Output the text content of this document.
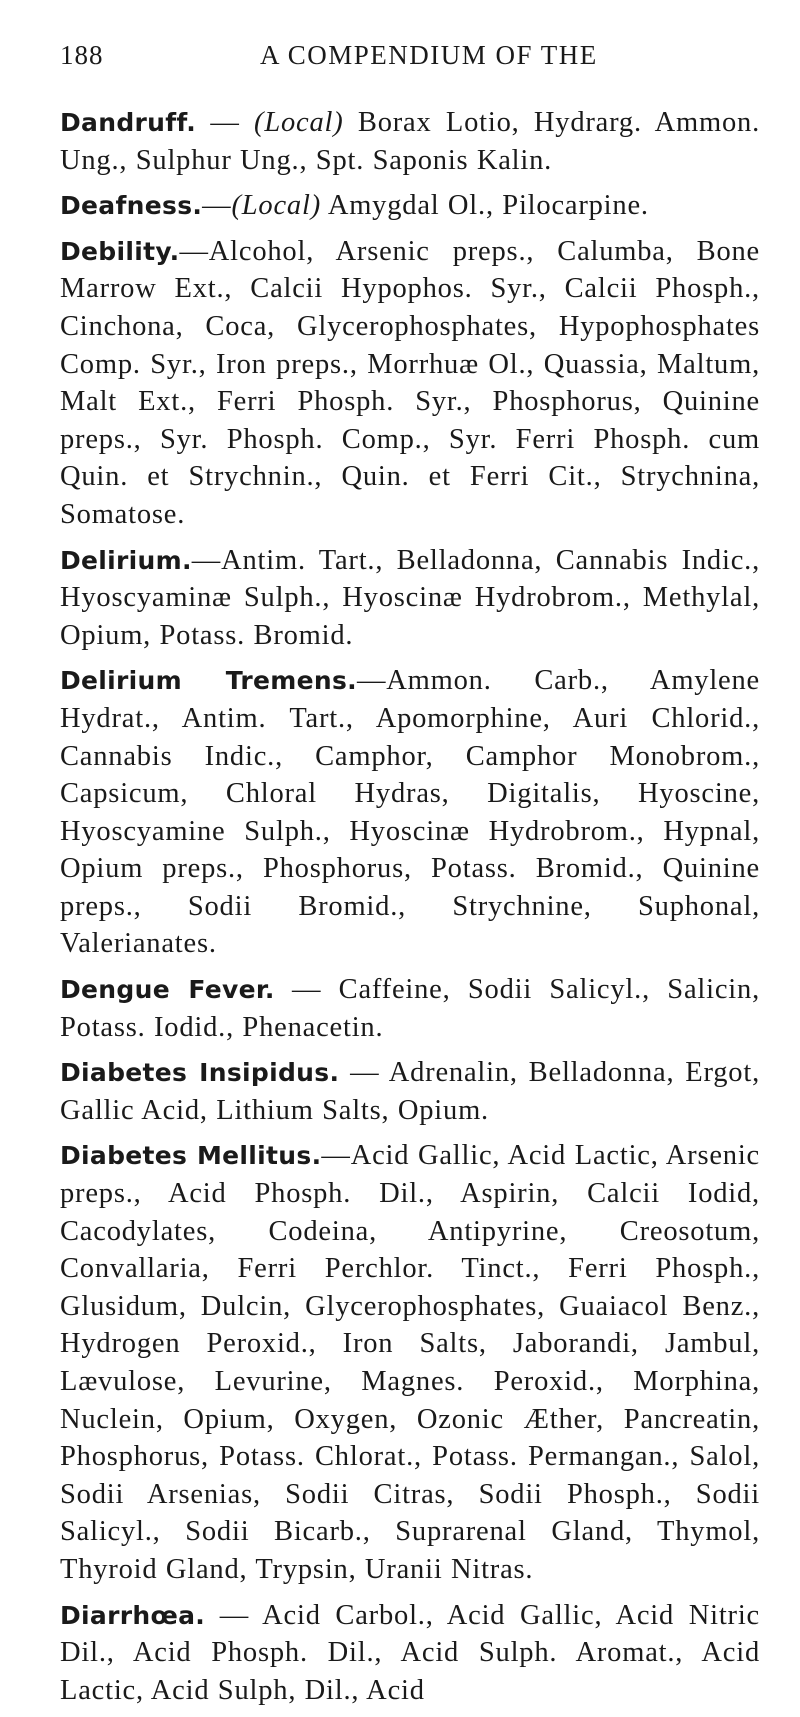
188	A COMPENDIUM OF THE

Dandruff. — (Local) Borax Lotio, Hydrarg. Ammon. Ung., Sulphur Ung., Spt. Saponis Kalin.

Deafness.—(Local) Amygdal Ol., Pilocarpine.

Debility.—Alcohol, Arsenic preps., Calumba, Bone Marrow Ext., Calcii Hypophos. Syr., Calcii Phosph., Cinchona, Coca, Glycerophosphates, Hypophosphates Comp. Syr., Iron preps., Morrhuæ Ol., Quassia, Maltum, Malt Ext., Ferri Phosph. Syr., Phosphorus, Quinine preps., Syr. Phosph. Comp., Syr. Ferri Phosph. cum Quin. et Strychnin., Quin. et Ferri Cit., Strychnina, Somatose.

Delirium.—Antim. Tart., Belladonna, Cannabis Indic., Hyoscyaminæ Sulph., Hyoscinæ Hydrobrom., Methylal, Opium, Potass. Bromid.

Delirium Tremens.—Ammon. Carb., Amylene Hydrat., Antim. Tart., Apomorphine, Auri Chlorid., Cannabis Indic., Camphor, Camphor Monobrom., Capsicum, Chloral Hydras, Digitalis, Hyoscine, Hyoscyamine Sulph., Hyoscinæ Hydrobrom., Hypnal, Opium preps., Phosphorus, Potass. Bromid., Quinine preps., Sodii Bromid., Strychnine, Suphonal, Valerianates.

Dengue Fever. — Caffeine, Sodii Salicyl., Salicin, Potass. Iodid., Phenacetin.

Diabetes Insipidus. — Adrenalin, Belladonna, Ergot, Gallic Acid, Lithium Salts, Opium.

Diabetes Mellitus.—Acid Gallic, Acid Lactic, Arsenic preps., Acid Phosph. Dil., Aspirin, Calcii Iodid, Cacodylates, Codeina, Antipyrine, Creosotum, Convallaria, Ferri Perchlor. Tinct., Ferri Phosph., Glusidum, Dulcin, Glycerophosphates, Guaiacol Benz., Hydrogen Peroxid., Iron Salts, Jaborandi, Jambul, Lævulose, Levurine, Magnes. Peroxid., Morphina, Nuclein, Opium, Oxygen, Ozonic Æther, Pancreatin, Phosphorus, Potass. Chlorat., Potass. Permangan., Salol, Sodii Arsenias, Sodii Citras, Sodii Phosph., Sodii Salicyl., Sodii Bicarb., Suprarenal Gland, Thymol, Thyroid Gland, Trypsin, Uranii Nitras.

Diarrhœa. — Acid Carbol., Acid Gallic, Acid Nitric Dil., Acid Phosph. Dil., Acid Sulph. Aromat., Acid Lactic, Acid Sulph, Dil., Acid
